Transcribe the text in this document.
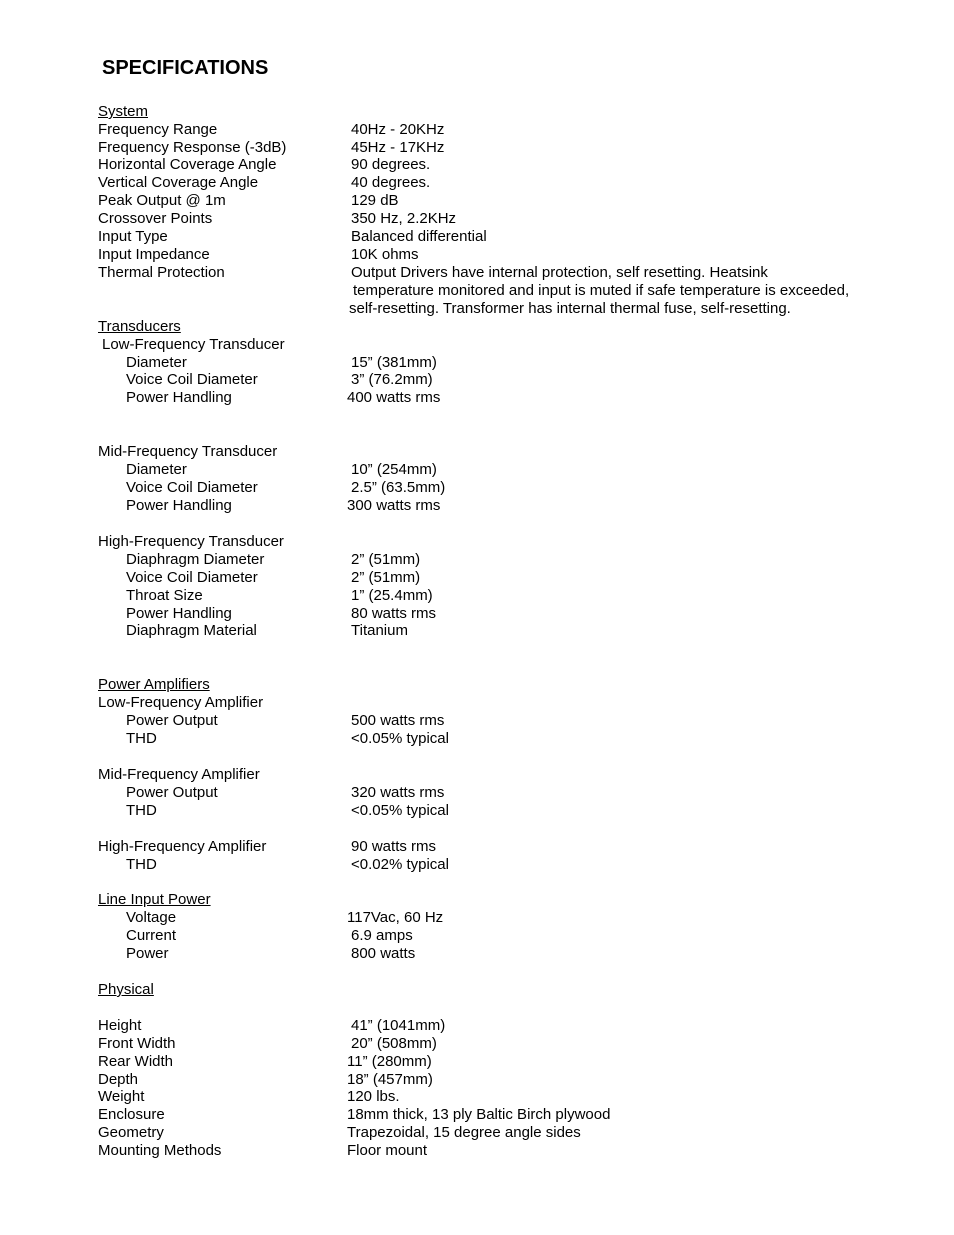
SPECIFICATIONS
System
Frequency Range	40Hz - 20KHz
Frequency Response (-3dB)	45Hz - 17KHz
Horizontal Coverage Angle	90 degrees.
Vertical Coverage Angle	40 degrees.
Peak Output @ 1m	129 dB
Crossover Points	350 Hz, 2.2KHz
Input Type	Balanced differential
Input Impedance	10K ohms
Thermal Protection	Output Drivers have internal protection, self resetting. Heatsink
temperature monitored and input is muted if safe temperature is exceeded,
self-resetting. Transformer has internal thermal fuse, self-resetting.
Transducers
Low-Frequency Transducer
Diameter	15” (381mm)
Voice Coil Diameter	3” (76.2mm)
Power Handling	400 watts rms
Mid-Frequency Transducer
Diameter	10” (254mm)
Voice Coil Diameter	2.5” (63.5mm)
Power Handling	300 watts rms
High-Frequency Transducer
Diaphragm Diameter	2” (51mm)
Voice Coil Diameter	2” (51mm)
Throat Size	1” (25.4mm)
Power Handling	80 watts rms
Diaphragm Material	Titanium
Power Amplifiers
Low-Frequency Amplifier
Power Output	500 watts rms
THD	<0.05% typical
Mid-Frequency Amplifier
Power Output	320 watts rms
THD	<0.05% typical
High-Frequency Amplifier	90 watts rms
THD	<0.02% typical
Line Input Power
Voltage	117Vac, 60 Hz
Current	6.9 amps
Power	800 watts
Physical
Height	41” (1041mm)
Front Width	20” (508mm)
Rear Width	11” (280mm)
Depth	18” (457mm)
Weight	120 lbs.
Enclosure	18mm thick, 13 ply Baltic Birch plywood
Geometry	Trapezoidal, 15 degree angle sides
Mounting Methods	Floor mount
